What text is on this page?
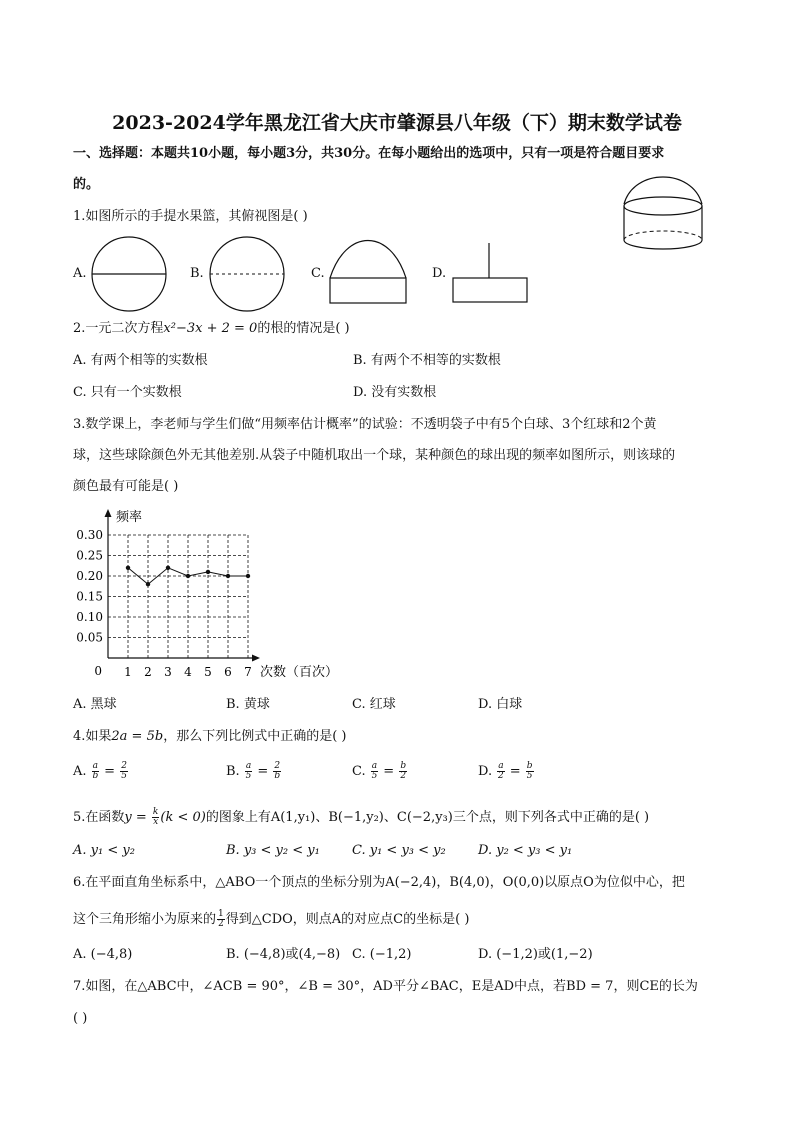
2023-2024学年黑龙江省大庆市肇源县八年级（下）期末数学试卷
一、选择题：本题共10小题，每小题3分，共30分。在每小题给出的选项中，只有一项是符合题目要求
的。
1.如图所示的手提水果篮，其俯视图是( )
A.	B.	C.	D.
2.一元二次方程x²−3x + 2 = 0的根的情况是( )
A. 有两个相等的实数根	B. 有两个不相等的实数根
C. 只有一个实数根	D. 没有实数根
3.数学课上，李老师与学生们做“用频率估计概率”的试验：不透明袋子中有5个白球、3个红球和2个黄
球，这些球除颜色外无其他差别.从袋子中随机取出一个球，某种颜色的球出现的频率如图所示，则该球的
颜色最有可能是( )
0.30
0.25
0.20
0.15
0.10
0.05
1 2 3 4 5 6 7
0
频率
次数（百次）
A. 黑球	B. 黄球	C. 红球	D. 白球
4.如果2a = 5b，那么下列比例式中正确的是( )
A. $\frac{a}{b} = \frac{2}{5}$	B. $\frac{a}{5} = \frac{2}{b}$	C. $\frac{a}{5} = \frac{b}{2}$	D. $\frac{a}{2} = \frac{b}{5}$
5.在函数$y = \frac{k}{x} (k < 0)$的图象上有A(1,y₁)、B(−1,y₂)、C(−2,y₃)三个点，则下列各式中正确的是( )
A. y₁ < y₂	B. y₃ < y₂ < y₁ C. y₁ < y₃ < y₂ D. y₂ < y₃ < y₁
6.在平面直角坐标系中，△ABO一个顶点的坐标分别为A(−2,4)，B(4,0)，O(0,0)以原点O为位似中心，把
这个三角形缩小为原来的 $\frac{1}{2}$ 得到△CDO，则点A的对应点C的坐标是( )
A. (−4,8)	B. (−4,8)或(4,−8) C. (−1,2)	D. (−1,2)或(1,−2)
7.如图，在△ABC中，∠ACB = 90°，∠B = 30°，AD平分∠BAC，E是AD中点，若BD = 7，则CE的长为
( )
